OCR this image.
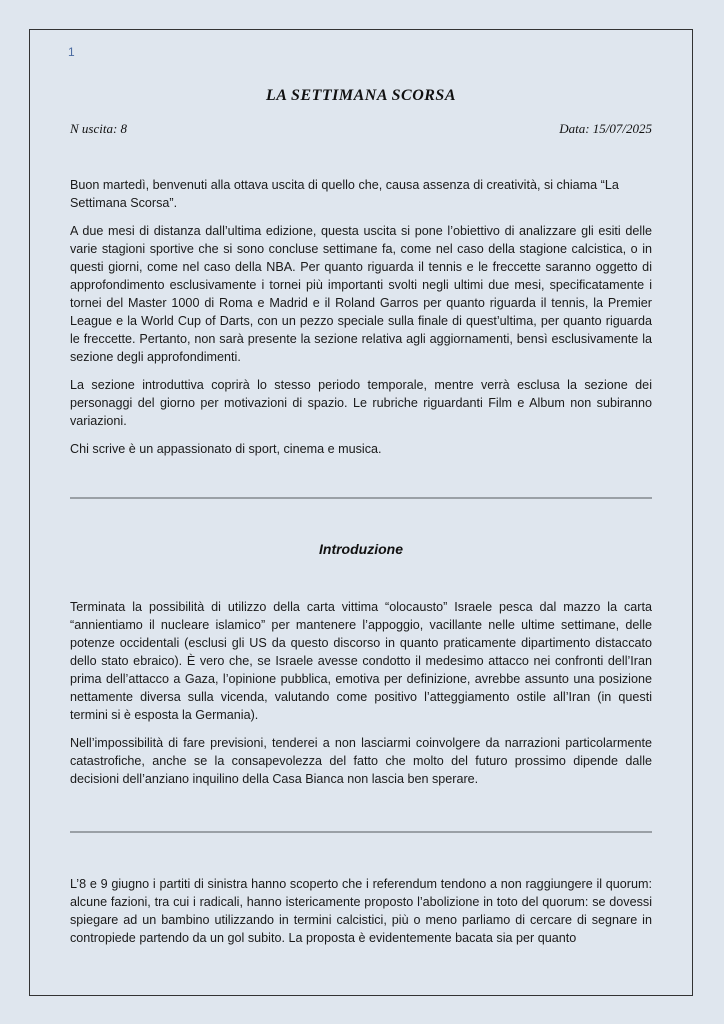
1
LA SETTIMANA SCORSA
N uscita: 8	Data: 15/07/2025

Buon martedì, benvenuti alla ottava uscita di quello che, causa assenza di creatività, si chiama “La Settimana Scorsa”.

A due mesi di distanza dall’ultima edizione, questa uscita si pone l’obiettivo di analizzare gli esiti delle varie stagioni sportive che si sono concluse settimane fa, come nel caso della stagione calcistica, o in questi giorni, come nel caso della NBA. Per quanto riguarda il tennis e le freccette saranno oggetto di approfondimento esclusivamente i tornei più importanti svolti negli ultimi due mesi, specificatamente i tornei del Master 1000 di Roma e Madrid e il Roland Garros per quanto riguarda il tennis, la Premier League e la World Cup of Darts, con un pezzo speciale sulla finale di quest’ultima, per quanto riguarda le freccette. Pertanto, non sarà presente la sezione relativa agli aggiornamenti, bensì esclusivamente la sezione degli approfondimenti.

La sezione introduttiva coprirà lo stesso periodo temporale, mentre verrà esclusa la sezione dei personaggi del giorno per motivazioni di spazio. Le rubriche riguardanti Film e Album non subiranno variazioni.

Chi scrive è un appassionato di sport, cinema e musica.

Introduzione

Terminata la possibilità di utilizzo della carta vittima “olocausto” Israele pesca dal mazzo la carta “annientiamo il nucleare islamico” per mantenere l’appoggio, vacillante nelle ultime settimane, delle potenze occidentali (esclusi gli US da questo discorso in quanto praticamente dipartimento distaccato dello stato ebraico). È vero che, se Israele avesse condotto il medesimo attacco nei confronti dell’Iran prima dell’attacco a Gaza, l’opinione pubblica, emotiva per definizione, avrebbe assunto una posizione nettamente diversa sulla vicenda, valutando come positivo l’atteggiamento ostile all’Iran (in questi termini si è esposta la Germania).

Nell’impossibilità di fare previsioni, tenderei a non lasciarmi coinvolgere da narrazioni particolarmente catastrofiche, anche se la consapevolezza del fatto che molto del futuro prossimo dipende dalle decisioni dell’anziano inquilino della Casa Bianca non lascia ben sperare.

L’8 e 9 giugno i partiti di sinistra hanno scoperto che i referendum tendono a non raggiungere il quorum: alcune fazioni, tra cui i radicali, hanno istericamente proposto l’abolizione in toto del quorum: se dovessi spiegare ad un bambino utilizzando in termini calcistici, più o meno parliamo di cercare di segnare in contropiede partendo da un gol subito. La proposta è evidentemente bacata sia per quanto
